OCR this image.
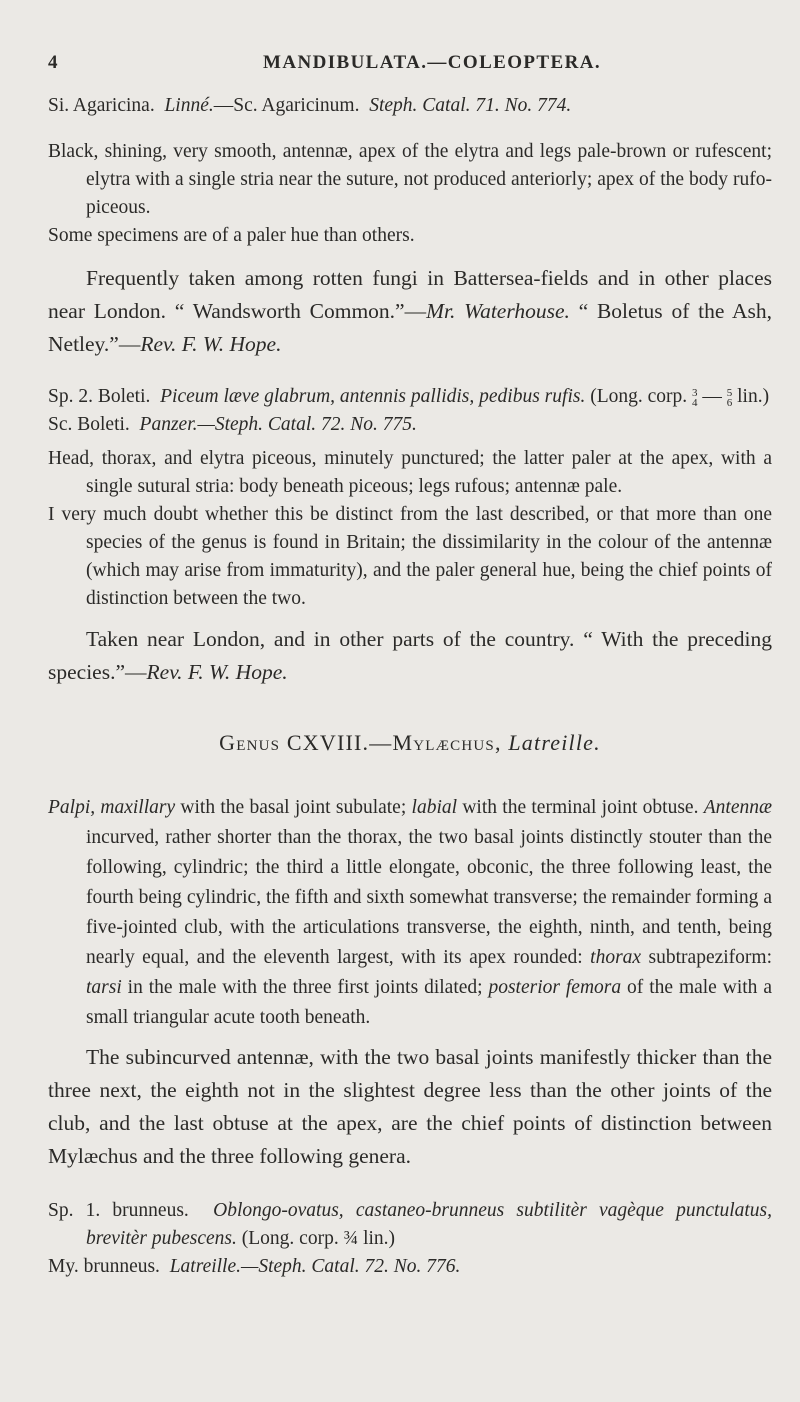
4	MANDIBULATA.—COLEOPTERA.

Si. Agaricina. Linné.—Sc. Agaricinum. Steph. Catal. 71. No. 774.

Black, shining, very smooth, antennæ, apex of the elytra and legs pale-brown or rufescent; elytra with a single stria near the suture, not produced anteriorly; apex of the body rufo-piceous.

Some specimens are of a paler hue than others.

Frequently taken among rotten fungi in Battersea-fields and in other places near London. “ Wandsworth Common.”—Mr. Waterhouse. “ Boletus of the Ash, Netley.”—Rev. F. W. Hope.

Sp. 2. Boleti. Piceum læve glabrum, antennis pallidis, pedibus rufis. (Long. corp. 3
4 — 5
6 lin.)

Sc. Boleti. Panzer.—Steph. Catal. 72. No. 775.

Head, thorax, and elytra piceous, minutely punctured; the latter paler at the apex, with a single sutural stria: body beneath piceous; legs rufous; antennæ pale.

I very much doubt whether this be distinct from the last described, or that more than one species of the genus is found in Britain; the dissimilarity in the colour of the antennæ (which may arise from immaturity), and the paler general hue, being the chief points of distinction between the two.

Taken near London, and in other parts of the country. “ With the preceding species.”—Rev. F. W. Hope.

Genus CXVIII.—Mylæchus, Latreille.

Palpi, maxillary with the basal joint subulate; labial with the terminal joint obtuse. Antennæ incurved, rather shorter than the thorax, the two basal joints distinctly stouter than the following, cylindric; the third a little elongate, obconic, the three following least, the fourth being cylindric, the fifth and sixth somewhat transverse; the remainder forming a five-jointed club, with the articulations transverse, the eighth, ninth, and tenth, being nearly equal, and the eleventh largest, with its apex rounded: thorax subtrapeziform: tarsi in the male with the three first joints dilated; posterior femora of the male with a small triangular acute tooth beneath.

The subincurved antennæ, with the two basal joints manifestly thicker than the three next, the eighth not in the slightest degree less than the other joints of the club, and the last obtuse at the apex, are the chief points of distinction between Mylæchus and the three following genera.

Sp. 1. brunneus. Oblongo-ovatus, castaneo-brunneus subtilitèr vagèque punctulatus, brevitèr pubescens. (Long. corp. ¾ lin.)

My. brunneus. Latreille.—Steph. Catal. 72. No. 776.
